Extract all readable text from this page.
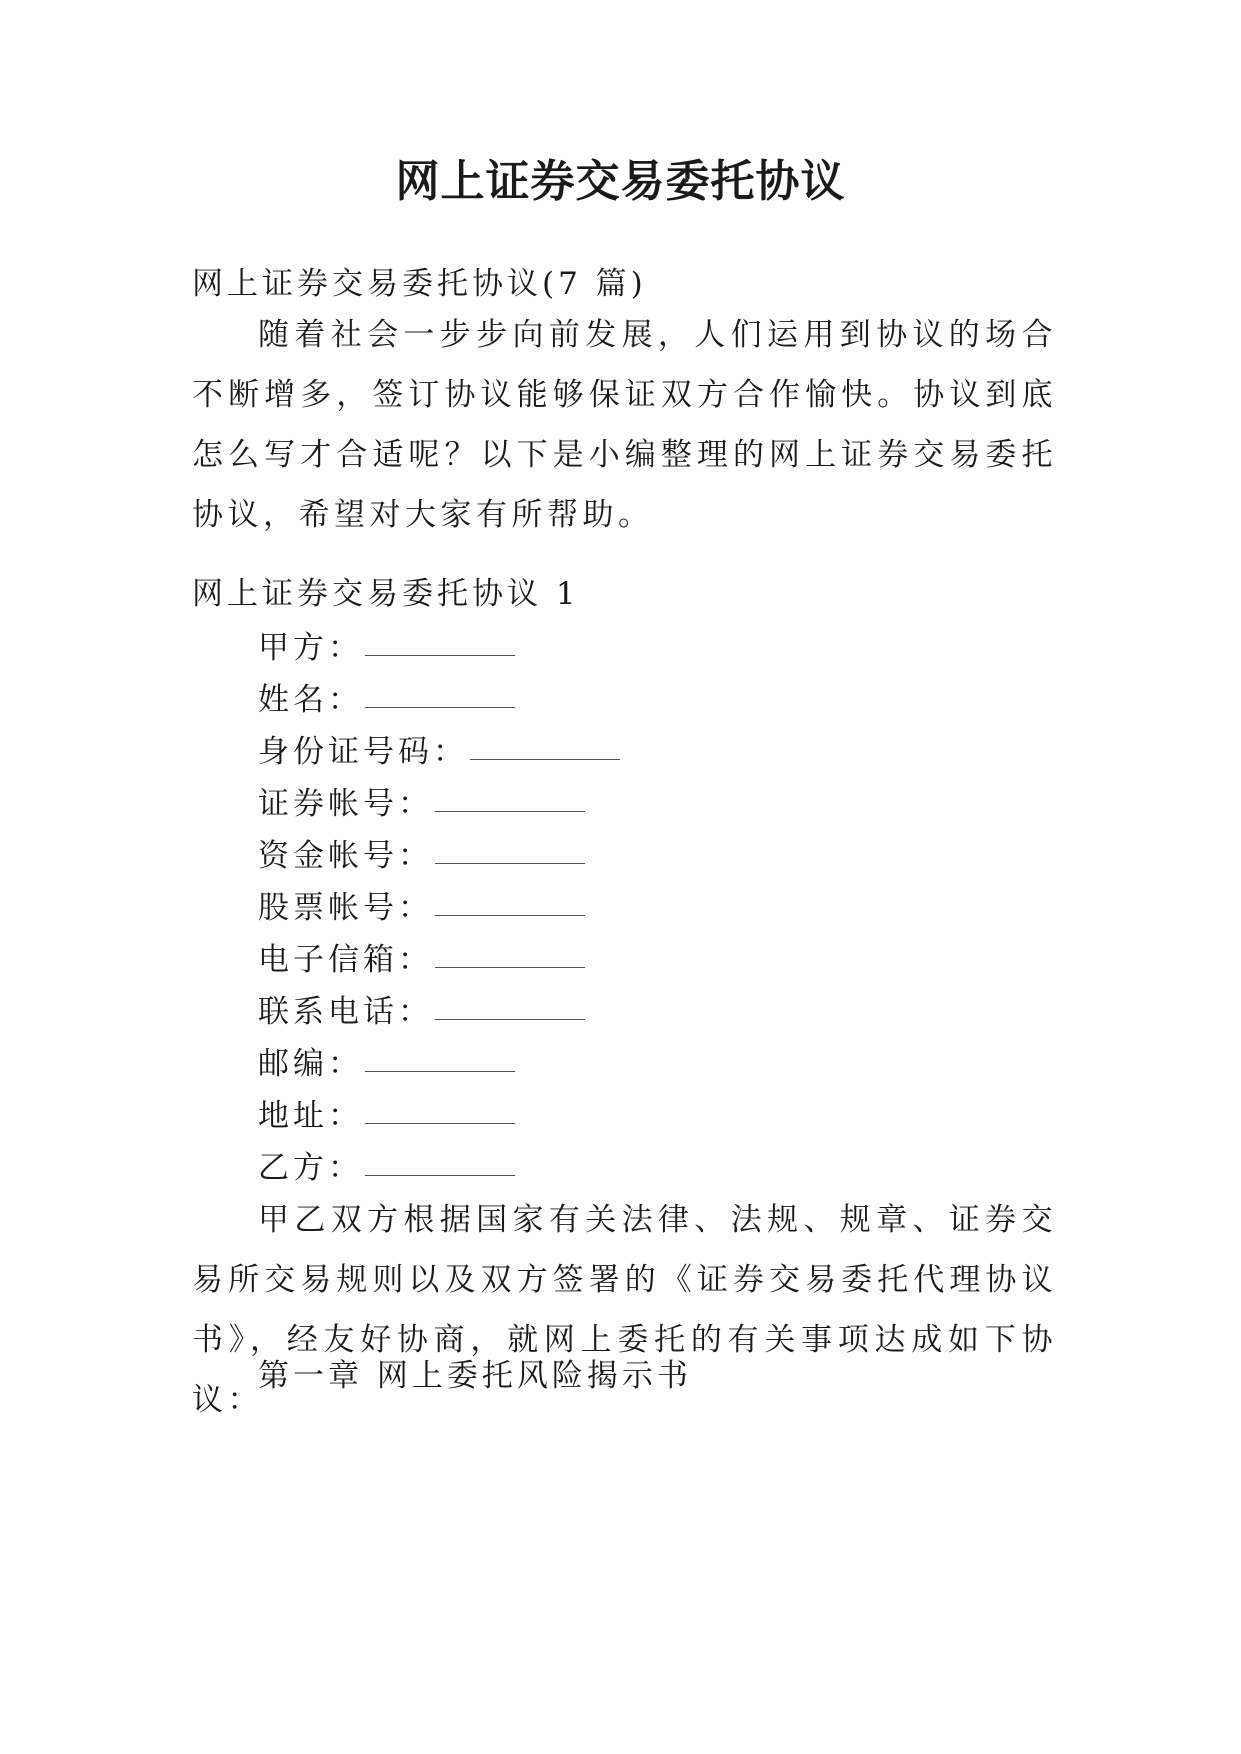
网上证券交易委托协议

网上证券交易委托协议(7 篇)

随着社会一步步向前发展，人们运用到协议的场合不断增多，签订协议能够保证双方合作愉快。协议到底怎么写才合适呢？以下是小编整理的网上证券交易委托协议，希望对大家有所帮助。

网上证券交易委托协议 1

甲方：
姓名：
身份证号码：
证券帐号：
资金帐号：
股票帐号：
电子信箱：
联系电话：
邮编：
地址：
乙方：

甲乙双方根据国家有关法律、法规、规章、证券交易所交易规则以及双方签署的《证券交易委托代理协议书》，经友好协商，就网上委托的有关事项达成如下协议：

第一章 网上委托风险揭示书
